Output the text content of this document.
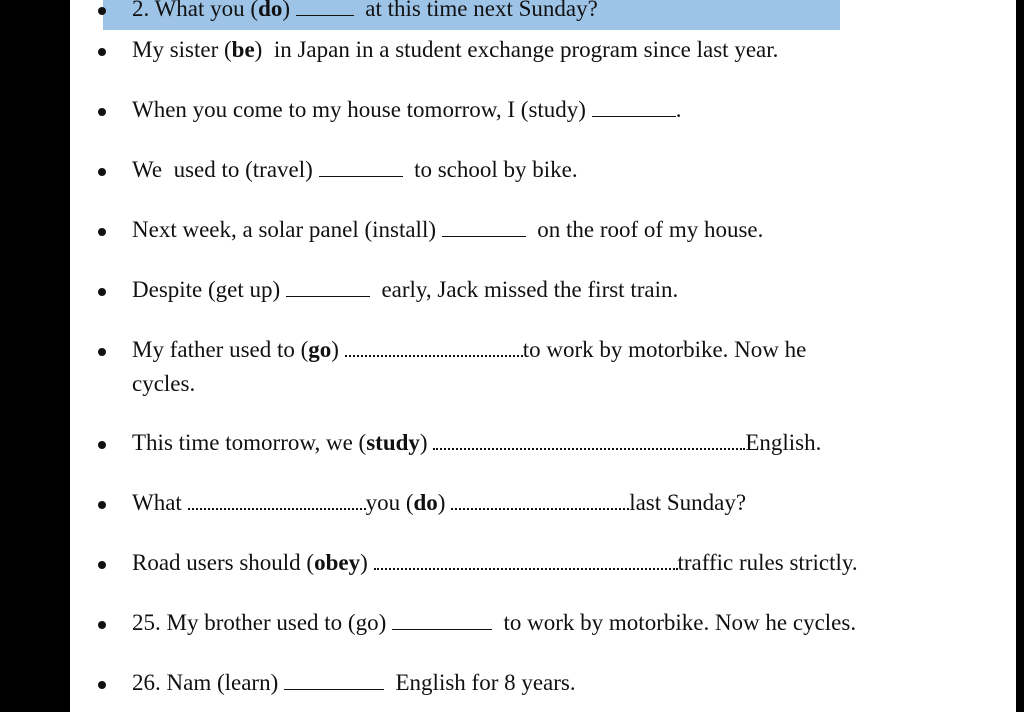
2. What you (do)	at this time next Sunday?
My sister (be)  in Japan in a student exchange program since last year.
When you come to my house tomorrow, I (study)	.
We  used to (travel)	to school by bike.
Next week, a solar panel (install)	on the roof of my house.
Despite (get up)	early, Jack missed the first train.
My father used to (go)	to work by motorbike. Now he
cycles.
This time tomorrow, we (study)	English.
What	you (do)	last Sunday?
Road users should (obey)	traffic rules strictly.
25. My brother used to (go)	to work by motorbike. Now he cycles.
26. Nam (learn)	English for 8 years.
